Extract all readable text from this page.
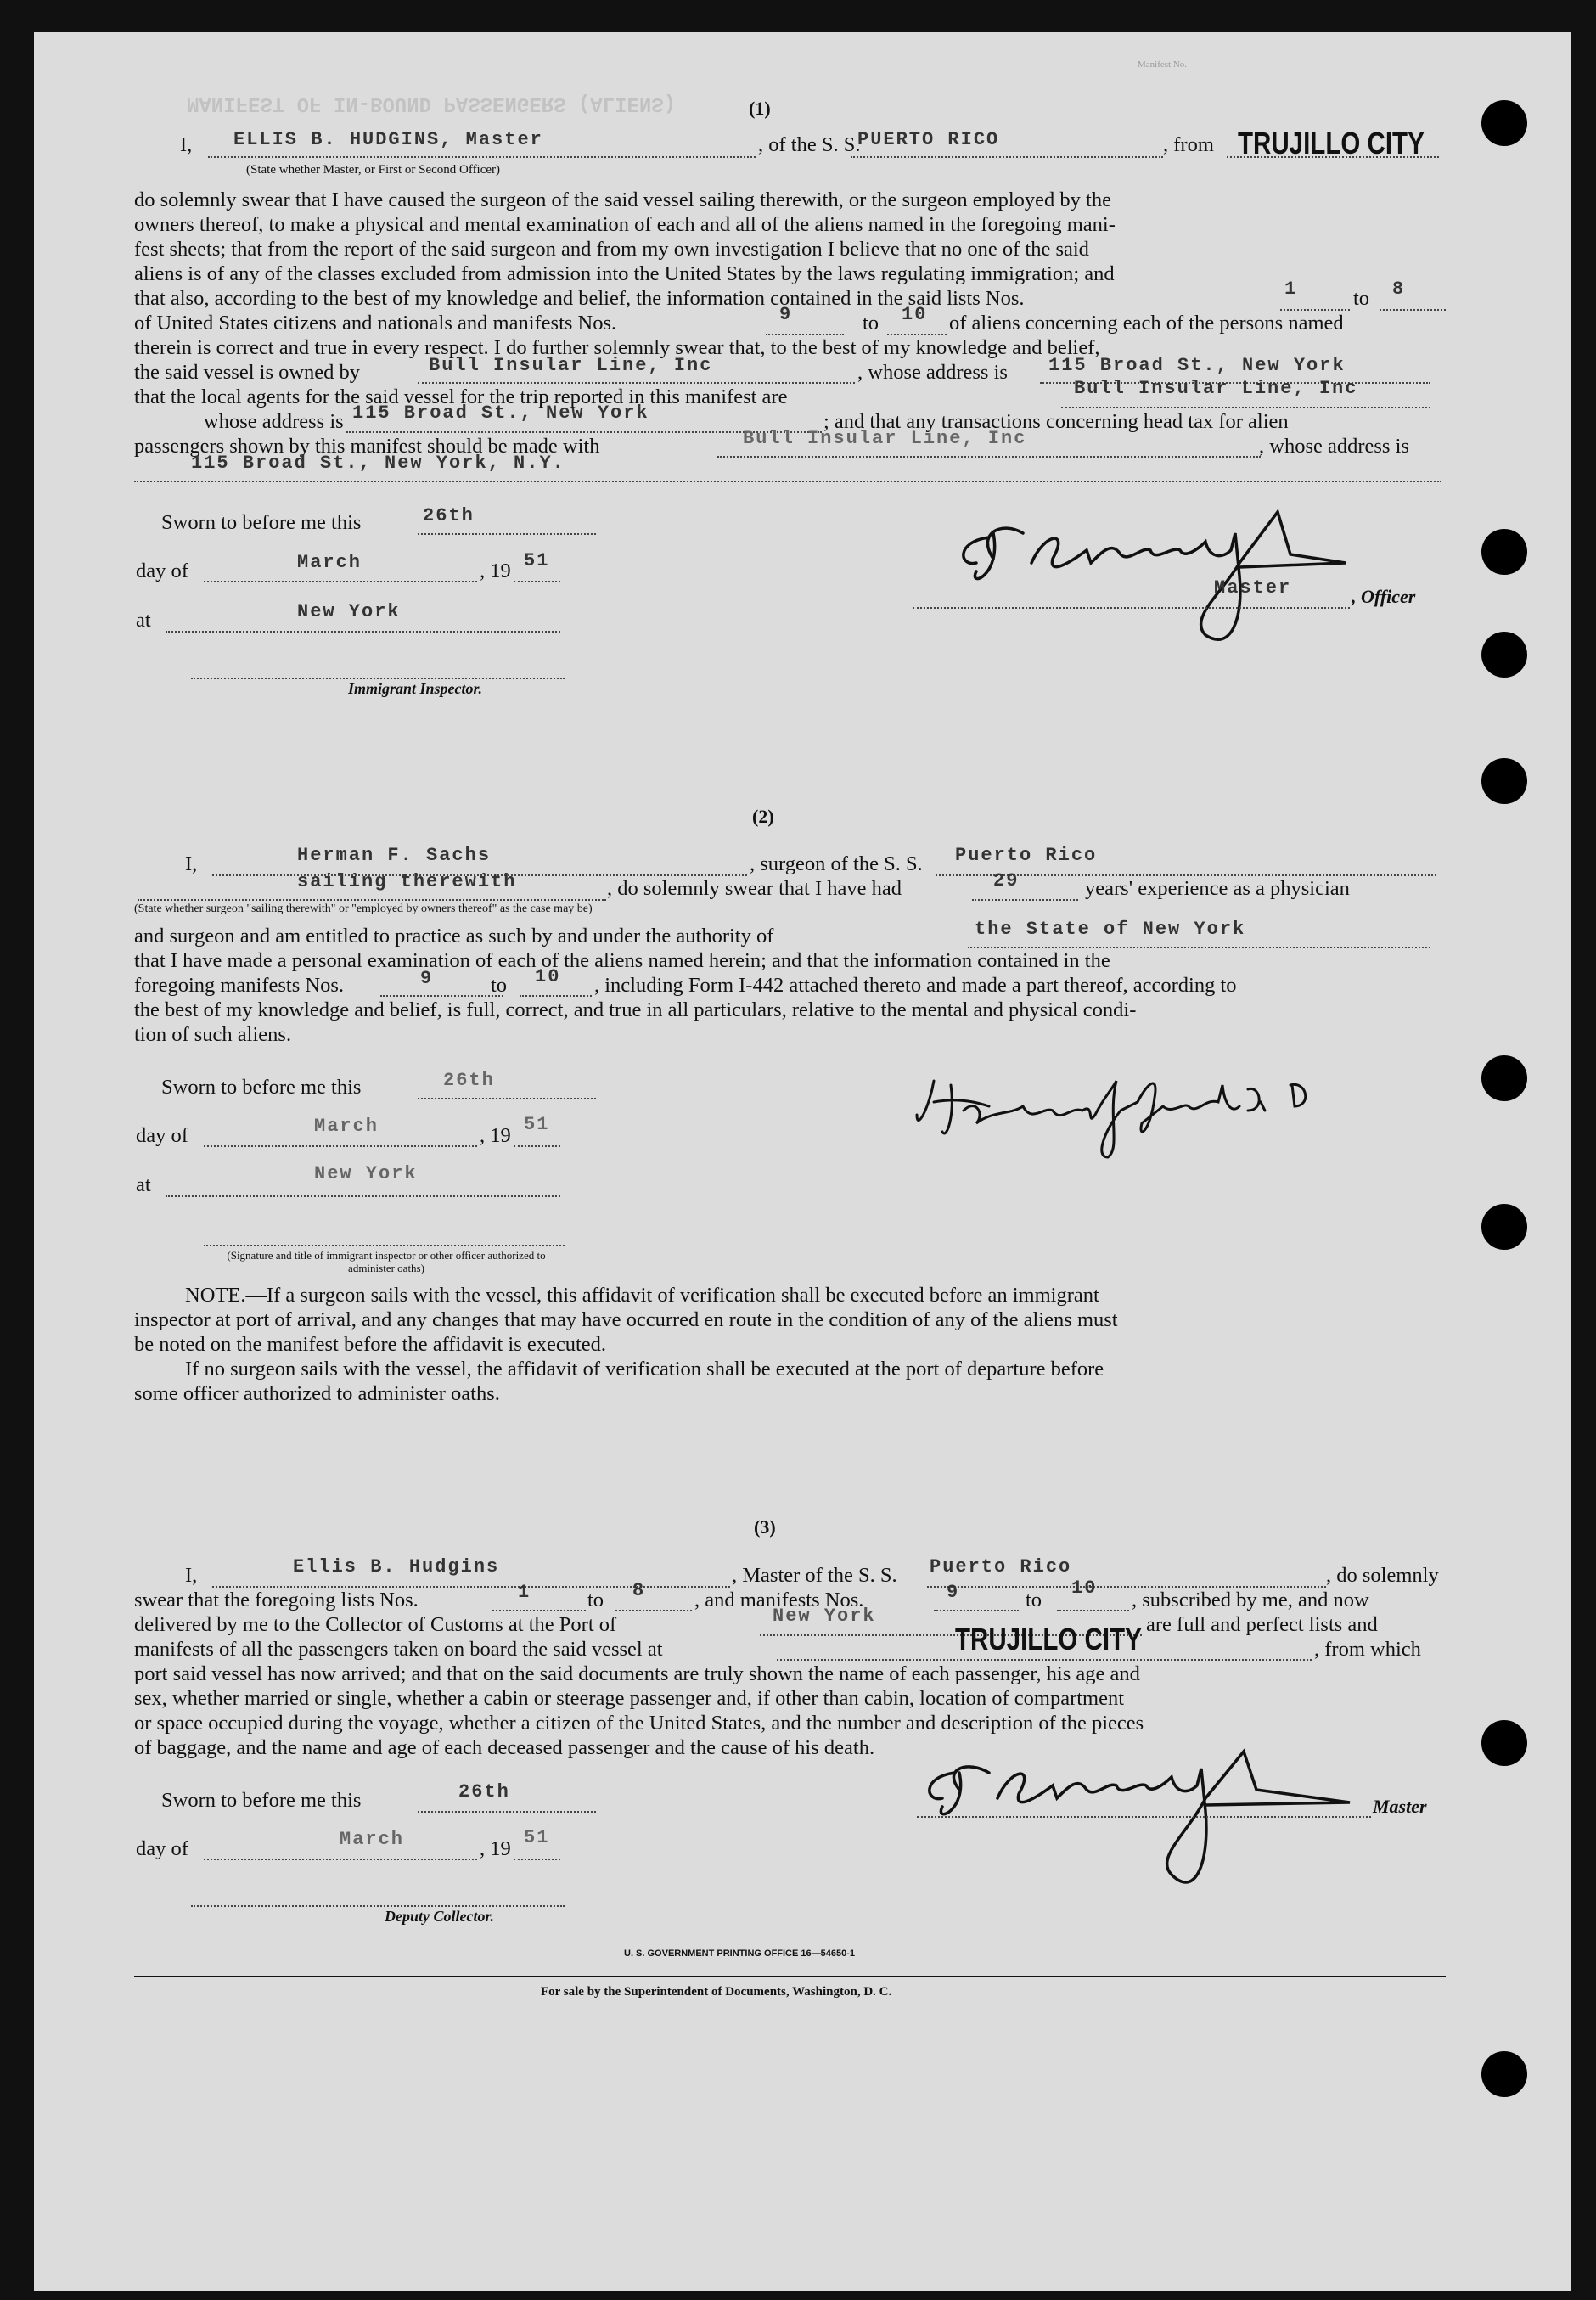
MANIFEST OF IN-BOUND PASSENGERS (ALIENS)
Manifest No.
(1)
I, ELLIS B. HUDGINS, Master
(State whether Master, or First or Second Officer)
, of the S. S.
PUERTO RICO	, from TRUJILLO CITY
do solemnly swear that I have caused the surgeon of the said vessel sailing therewith, or the surgeon employed by the
owners thereof, to make a physical and mental examination of each and all of the aliens named in the foregoing mani-
fest sheets; that from the report of the said surgeon and from my own investigation I believe that no one of the said
aliens is of any of the classes excluded from admission into the United States by the laws regulating immigration; and
that also, according to the best of my knowledge and belief, the information contained in the said lists Nos.	1	to 8
of United States citizens and nationals and manifests Nos.	9	to 10 of aliens concerning each of the persons named
therein is correct and true in every respect. I do further solemnly swear that, to the best of my knowledge and belief,
the said vessel is owned by	Bull Insular Line, Inc	, whose address is 115 Broad St., New York
that the local agents for the said vessel for the trip reported in this manifest are	Bull Insular Line, Inc
whose address is 115 Broad St., New York	; and that any transactions concerning head tax for alien
passengers shown by this manifest should be made with	Bull Insular Line, Inc	, whose address is
115 Broad St., New York, N.Y.
Sworn to before me this	26th
day of	March	, 19 51
at	New York
Immigrant Inspector.
Master	, Officer
(2)
I,	Herman F. Sachs	, surgeon of the S. S. Puerto Rico
sailing therewith	, do solemnly swear that I have had	29	years' experience as a physician
(State whether surgeon "sailing therewith" or "employed by owners thereof" as the case may be)
and surgeon and am entitled to practice as such by and under the authority of	the State of New York
that I have made a personal examination of each of the aliens named herein; and that the information contained in the
foregoing manifests Nos.	9	to 10 , including Form I-442 attached thereto and made a part thereof, according to
the best of my knowledge and belief, is full, correct, and true in all particulars, relative to the mental and physical condi-
tion of such aliens.
Sworn to before me this	26th
day of	March	, 19 51
at	New York
(Signature and title of immigrant inspector or other officer authorized to administer oaths)
NOTE.—If a surgeon sails with the vessel, this affidavit of verification shall be executed before an immigrant
inspector at port of arrival, and any changes that may have occurred en route in the condition of any of the aliens must
be noted on the manifest before the affidavit is executed.
If no surgeon sails with the vessel, the affidavit of verification shall be executed at the port of departure before
some officer authorized to administer oaths.
(3)
I,	Ellis B. Hudgins	, Master of the S. S. Puerto Rico	, do solemnly
swear that the foregoing lists Nos.	1	to 8 , and manifests Nos.	9	to
10
, subscribed by me, and now
delivered by me to the Collector of Customs at the Port of	New York	are full and perfect lists and
manifests of all the passengers taken on board the said vessel at	TRUJILLO CITY	, from which
port said vessel has now arrived; and that on the said documents are truly shown the name of each passenger, his age and
sex, whether married or single, whether a cabin or steerage passenger and, if other than cabin, location of compartment
or space occupied during the voyage, whether a citizen of the United States, and the number and description of the pieces
of baggage, and the name and age of each deceased passenger and the cause of his death.
Master
Sworn to before me this	26th
day of	March	, 19 51
Deputy Collector.
U. S. GOVERNMENT PRINTING OFFICE 16—54650-1
For sale by the Superintendent of Documents, Washington, D. C.
